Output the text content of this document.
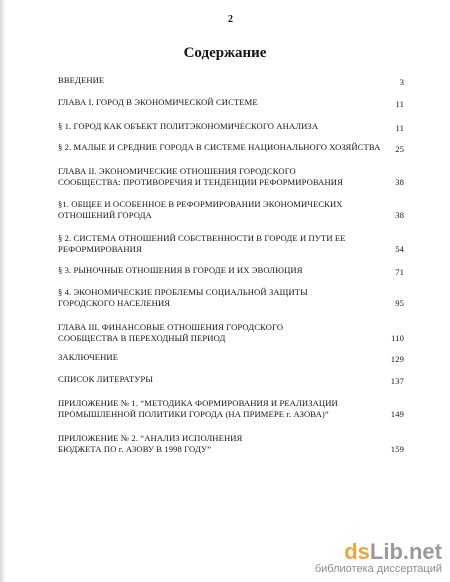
2
Содержание
ВВЕДЕНИЕ	3
ГЛАВА I. ГОРОД В ЭКОНОМИЧЕСКОЙ СИСТЕМЕ	11
§ 1. ГОРОД КАК ОБЪЕКТ ПОЛИТЭКОНОМИЧЕСКОГО АНАЛИЗА	11
§ 2. МАЛЫЕ И СРЕДНИЕ ГОРОДА В СИСТЕМЕ НАЦИОНАЛЬНОГО ХОЗЯЙСТВА	25
ГЛАВА II. ЭКОНОМИЧЕСКИЕ ОТНОШЕНИЯ ГОРОДСКОГО СООБЩЕСТВА: ПРОТИВОРЕЧИЯ И ТЕНДЕНЦИИ РЕФОРМИРОВАНИЯ	38
§1. ОБЩЕЕ И ОСОБЕННОЕ В РЕФОРМИРОВАНИИ ЭКОНОМИЧЕСКИХ ОТНОШЕНИЙ ГОРОДА	38
§ 2. СИСТЕМА ОТНОШЕНИЙ СОБСТВЕННОСТИ В ГОРОДЕ И ПУТИ ЕЕ РЕФОРМИРОВАНИЯ	54
§ 3. РЫНОЧНЫЕ ОТНОШЕНИЯ В ГОРОДЕ И ИХ ЭВОЛЮЦИЯ	71
§ 4. ЭКОНОМИЧЕСКИЕ ПРОБЛЕМЫ СОЦИАЛЬНОЙ ЗАЩИТЫ ГОРОДСКОГО НАСЕЛЕНИЯ	95
ГЛАВА III. ФИНАНСОВЫЕ ОТНОШЕНИЯ ГОРОДСКОГО СООБЩЕСТВА В ПЕРЕХОДНЫЙ ПЕРИОД	110
ЗАКЛЮЧЕНИЕ	129
СПИСОК ЛИТЕРАТУРЫ	137
ПРИЛОЖЕНИЕ № 1. “МЕТОДИКА ФОРМИРОВАНИЯ И РЕАЛИЗАЦИИ ПРОМЫШЛЕННОЙ ПОЛИТИКИ ГОРОДА (НА ПРИМЕРЕ г. АЗОВА)”	149
ПРИЛОЖЕНИЕ № 2. “АНАЛИЗ ИСПОЛНЕНИЯ БЮДЖЕТА ПО г. АЗОВУ В 1998 ГОДУ”	159
dsLib.net
библиотека диссертаций
